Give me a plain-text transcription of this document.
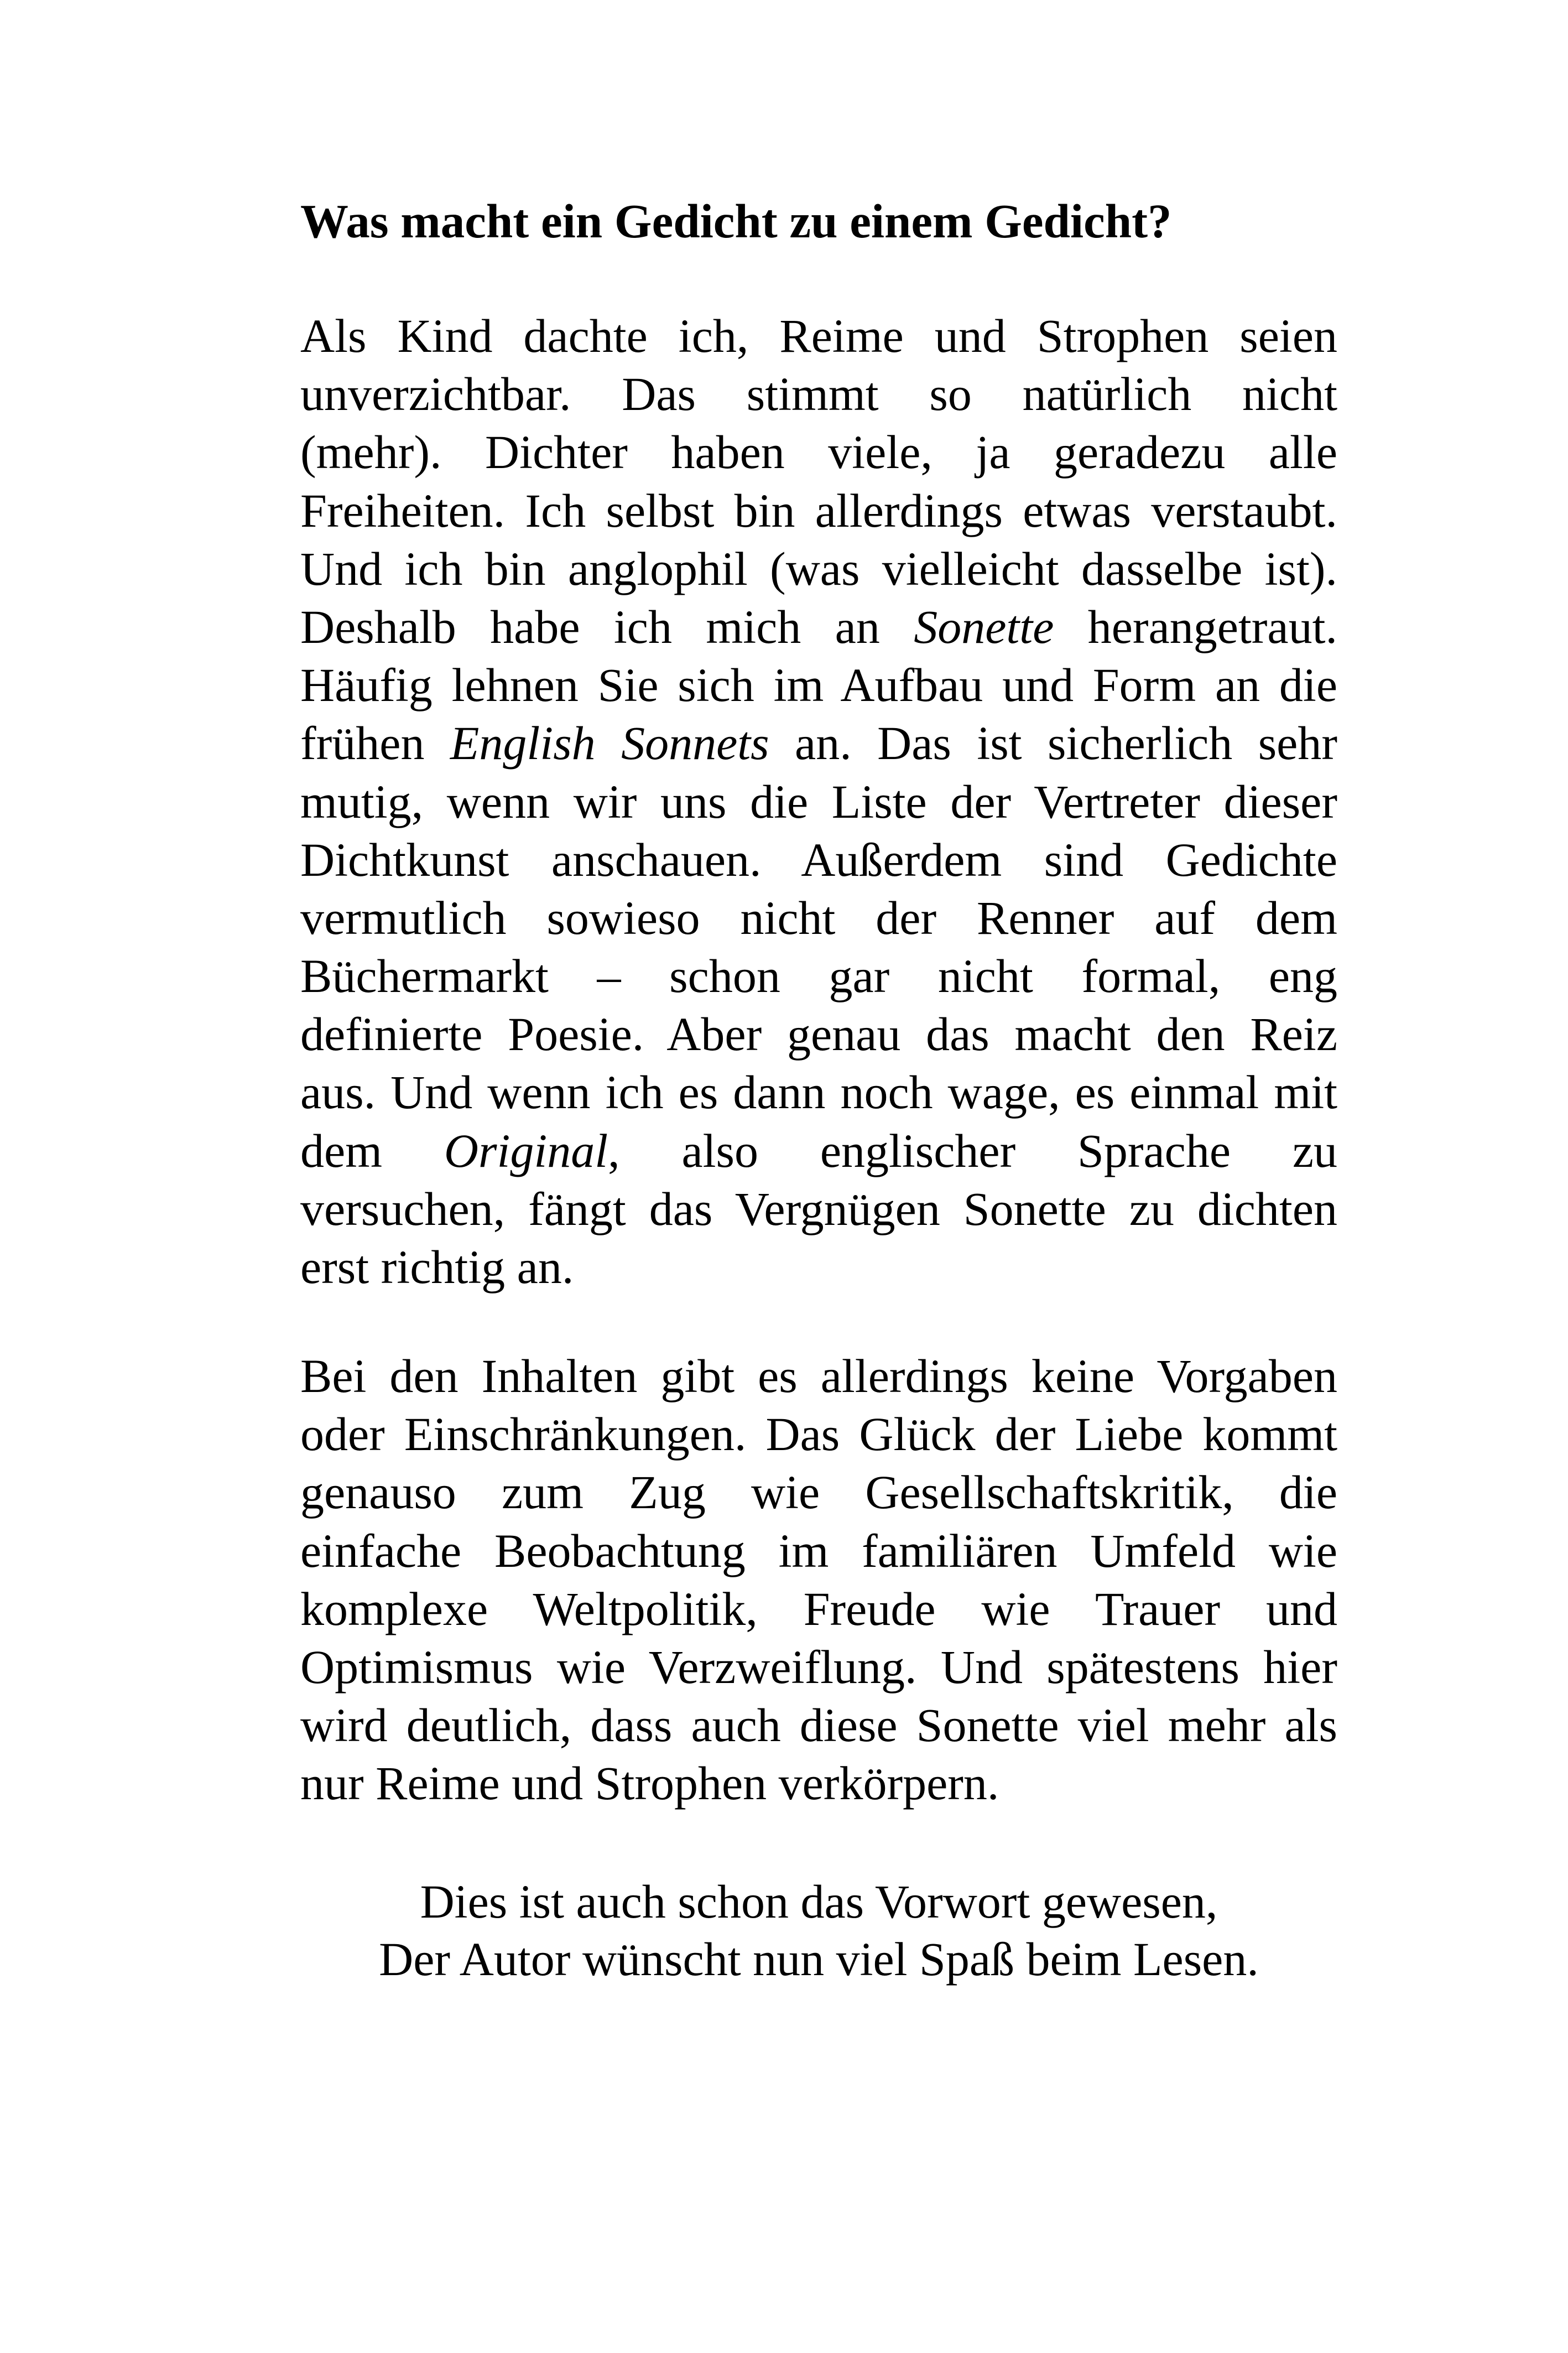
Was macht ein Gedicht zu einem Gedicht?
Als Kind dachte ich, Reime und Strophen seien
unverzichtbar. Das stimmt so natürlich nicht
(mehr). Dichter haben viele, ja geradezu alle
Freiheiten. Ich selbst bin allerdings etwas verstaubt.
Und ich bin anglophil (was vielleicht dasselbe ist).
Deshalb habe ich mich an Sonette herangetraut.
Häufig lehnen Sie sich im Aufbau und Form an die
frühen English Sonnets an. Das ist sicherlich sehr
mutig, wenn wir uns die Liste der Vertreter dieser
Dichtkunst anschauen. Außerdem sind Gedichte
vermutlich sowieso nicht der Renner auf dem
Büchermarkt – schon gar nicht formal, eng
definierte Poesie. Aber genau das macht den Reiz
aus. Und wenn ich es dann noch wage, es einmal mit
dem Original, also englischer Sprache zu
versuchen, fängt das Vergnügen Sonette zu dichten
erst richtig an.
Bei den Inhalten gibt es allerdings keine Vorgaben
oder Einschränkungen. Das Glück der Liebe kommt
genauso zum Zug wie Gesellschaftskritik, die
einfache Beobachtung im familiären Umfeld wie
komplexe Weltpolitik, Freude wie Trauer und
Optimismus wie Verzweiflung. Und spätestens hier
wird deutlich, dass auch diese Sonette viel mehr als
nur Reime und Strophen verkörpern.
Dies ist auch schon das Vorwort gewesen,
Der Autor wünscht nun viel Spaß beim Lesen.
